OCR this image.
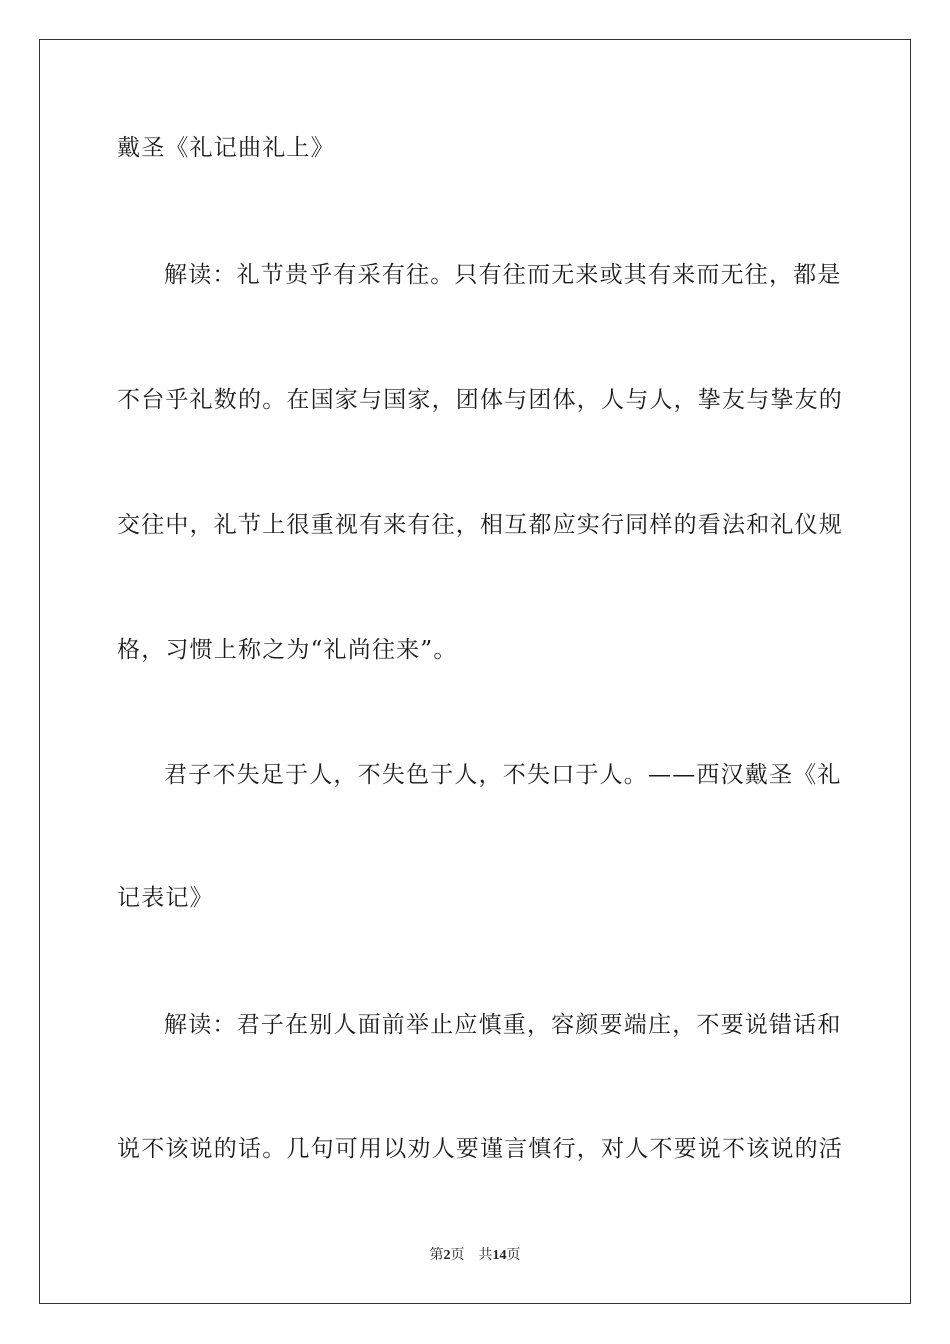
戴圣《礼记曲礼上》
解读：礼节贵乎有采有往。只有往而无来或其有来而无往，都是
不台乎礼数的。在国家与国家，团体与团体，人与人，挚友与挚友的
交往中，礼节上很重视有来有往，相互都应实行同样的看法和礼仪规
格，习惯上称之为“礼尚往来”。
君子不失足于人，不失色于人，不失口于人。——西汉戴圣《礼
记表记》
解读：君子在别人面前举止应慎重，容颜要端庄，不要说错话和
说不该说的话。几句可用以劝人要谨言慎行，对人不要说不该说的活
第2页 共14页
